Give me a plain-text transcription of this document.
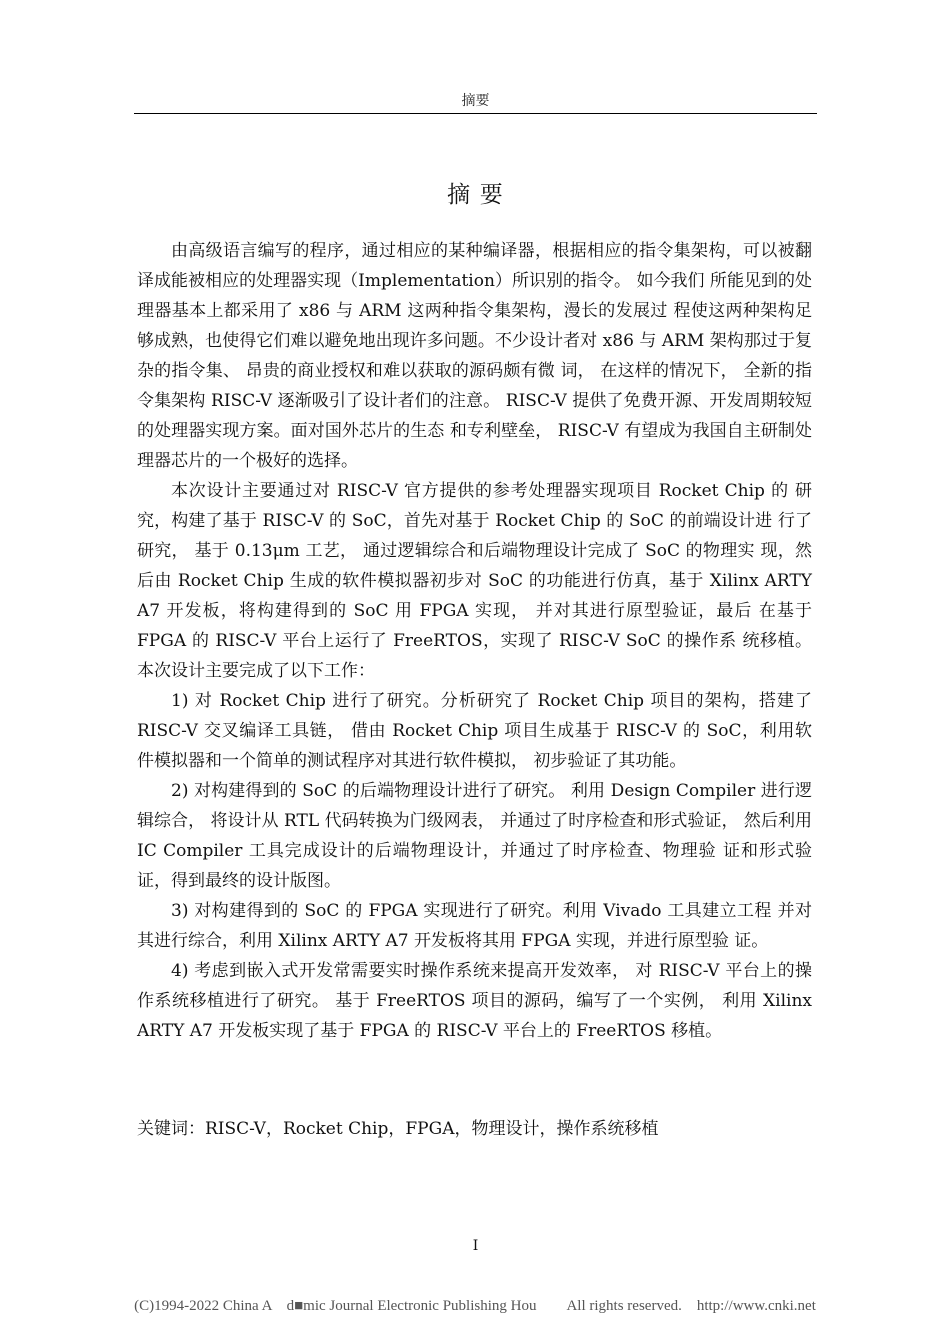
摘要
摘 要

由高级语言编写的程序，通过相应的某种编译器，根据相应的指令集架构，可以被翻译成能被相应的处理器实现（Implementation）所识别的指令。 如今我们 所能见到的处理器基本上都采用了 x86 与 ARM 这两种指令集架构，漫长的发展过 程使这两种架构足够成熟，也使得它们难以避免地出现许多问题。不少设计者对 x86 与 ARM 架构那过于复杂的指令集、 昂贵的商业授权和难以获取的源码颇有微 词， 在这样的情况下， 全新的指令集架构 RISC-V 逐渐吸引了设计者们的注意。 RISC-V 提供了免费开源、开发周期较短的处理器实现方案。面对国外芯片的生态 和专利壁垒， RISC-V 有望成为我国自主研制处理器芯片的一个极好的选择。

本次设计主要通过对 RISC-V 官方提供的参考处理器实现项目 Rocket Chip 的 研究，构建了基于 RISC-V 的 SoC，首先对基于 Rocket Chip 的 SoC 的前端设计进 行了研究， 基于 0.13μm 工艺， 通过逻辑综合和后端物理设计完成了 SoC 的物理实 现，然后由 Rocket Chip 生成的软件模拟器初步对 SoC 的功能进行仿真，基于 Xilinx ARTY A7 开发板，将构建得到的 SoC 用 FPGA 实现， 并对其进行原型验证，最后 在基于 FPGA 的 RISC-V 平台上运行了 FreeRTOS，实现了 RISC-V SoC 的操作系 统移植。 本次设计主要完成了以下工作：

1) 对 Rocket Chip 进行了研究。分析研究了 Rocket Chip 项目的架构，搭建了 RISC-V 交叉编译工具链， 借由 Rocket Chip 项目生成基于 RISC-V 的 SoC，利用软 件模拟器和一个简单的测试程序对其进行软件模拟， 初步验证了其功能。

2) 对构建得到的 SoC 的后端物理设计进行了研究。 利用 Design Compiler 进行逻辑综合， 将设计从 RTL 代码转换为门级网表， 并通过了时序检查和形式验证， 然后利用 IC Compiler 工具完成设计的后端物理设计，并通过了时序检查、物理验 证和形式验证，得到最终的设计版图。

3) 对构建得到的 SoC 的 FPGA 实现进行了研究。利用 Vivado 工具建立工程 并对其进行综合，利用 Xilinx ARTY A7 开发板将其用 FPGA 实现，并进行原型验 证。

4) 考虑到嵌入式开发常需要实时操作系统来提高开发效率， 对 RISC-V 平台上的操作系统移植进行了研究。 基于 FreeRTOS 项目的源码，编写了一个实例， 利用 Xilinx ARTY A7 开发板实现了基于 FPGA 的 RISC-V 平台上的 FreeRTOS 移植。

关键词：RISC-V，Rocket Chip，FPGA，物理设计，操作系统移植
I
(C)1994-2022 China A　d■mic Journal Electronic Publishing Hou　　All rights reserved.　http://www.cnki.net
